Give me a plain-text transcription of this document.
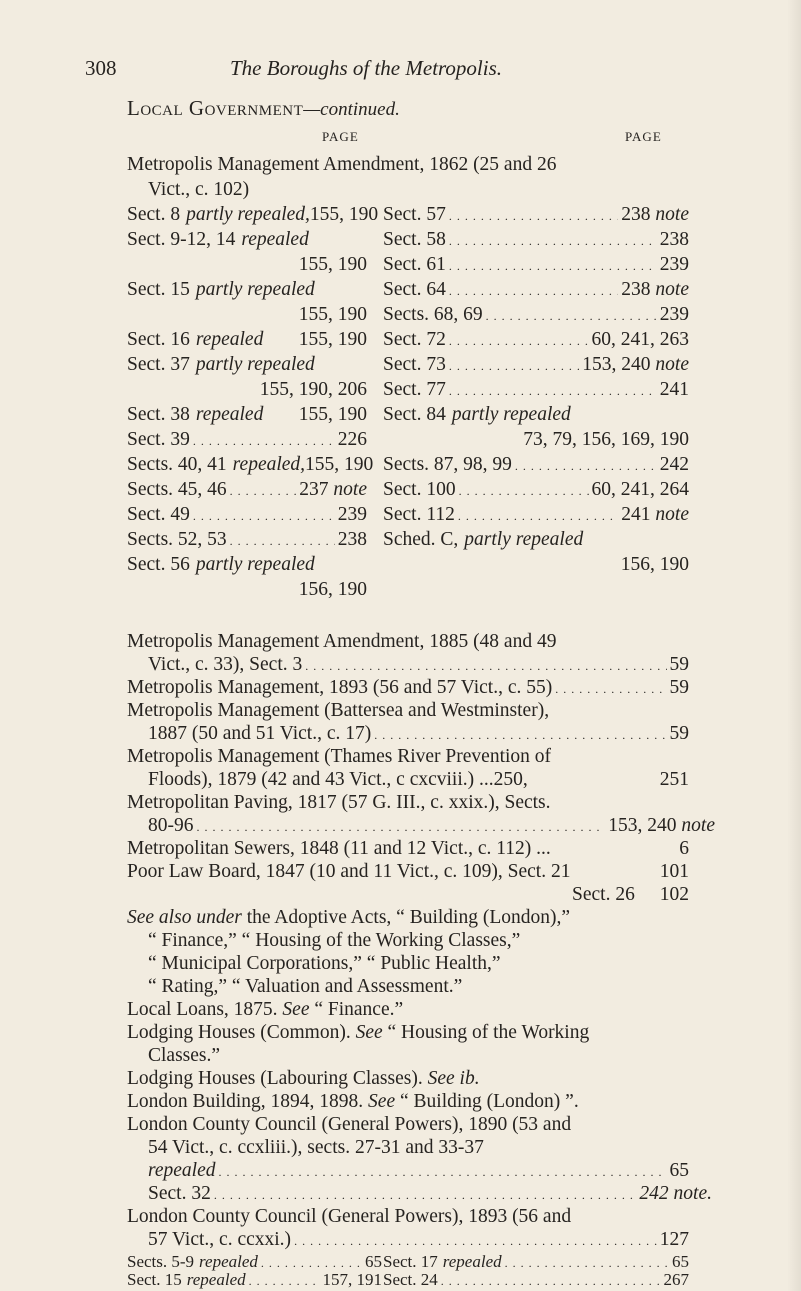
308	The Boroughs of the Metropolis.
Local Government—continued.
PAGE	PAGE
Metropolis Management Amendment, 1862 (25 and 26
Vict., c. 102)
Sect. 8 partly repealed, 155, 190
Sect. 9-12, 14 repealed
155, 190
Sect. 15 partly repealed
155, 190
Sect. 16 repealed 155, 190
Sect. 37 partly repealed
155, 190, 206
Sect. 38 repealed 155, 190
Sect. 39 . . .	226
Sects. 40, 41 repealed, 155, 190
Sects. 45, 46 . . .	237 note
Sect. 49 . . .	239
Sects. 52, 53 . . .	238
Sect. 56 partly repealed
156, 190
Sect. 57 . . .	238 note
Sect. 58 . . .	238
Sect. 61 . . .	239
Sect. 64 . . .	238 note
Sects. 68, 69 . . .	239
Sect. 72 . . .	60, 241, 263
Sect. 73 . . .	153, 240 note
Sect. 77 . . .	241
Sect. 84 partly repealed
73, 79, 156, 169, 190
Sects. 87, 98, 99 . . .	242
Sect. 100 . . .	60, 241, 264
Sect. 112 . . .	241 note
Sched. C, partly repealed
156, 190
Metropolis Management Amendment, 1885 (48 and 49
Vict., c. 33), Sect. 3 . . .	59
Metropolis Management, 1893 (56 and 57 Vict., c. 55) . . .	59
Metropolis Management (Battersea and Westminster),
1887 (50 and 51 Vict., c. 17) . . .	59
Metropolis Management (Thames River Prevention of
Floods), 1879 (42 and 43 Vict., c cxcviii.) ...250,	251
Metropolitan Paving, 1817 (57 G. III., c. xxix.), Sects.
80-96 . . .	153, 240 note
Metropolitan Sewers, 1848 (11 and 12 Vict., c. 112) ...	6
Poor Law Board, 1847 (10 and 11 Vict., c. 109), Sect. 21	101
Sect. 26 102
See also under the Adoptive Acts, “ Building (London),”
“ Finance,” “ Housing of the Working Classes,”
“ Municipal Corporations,” “ Public Health,”
“ Rating,” “ Valuation and Assessment.”
Local Loans, 1875. See “ Finance.”
Lodging Houses (Common). See “ Housing of the Working
Classes.”
Lodging Houses (Labouring Classes). See ib.
London Building, 1894, 1898. See “ Building (London) ”.
London County Council (General Powers), 1890 (53 and
54 Vict., c. ccxliii.), sects. 27-31 and 33-37
repealed . . .	65
Sect. 32 . . .	242 note.
London County Council (General Powers), 1893 (56 and
57 Vict., c. ccxxi.) . . .	127
Sects. 5-9 repealed . . .	65 Sect. 17 repealed . . .	65
Sect. 15 repealed . . .	157, 191 Sect. 24 . . .	267
